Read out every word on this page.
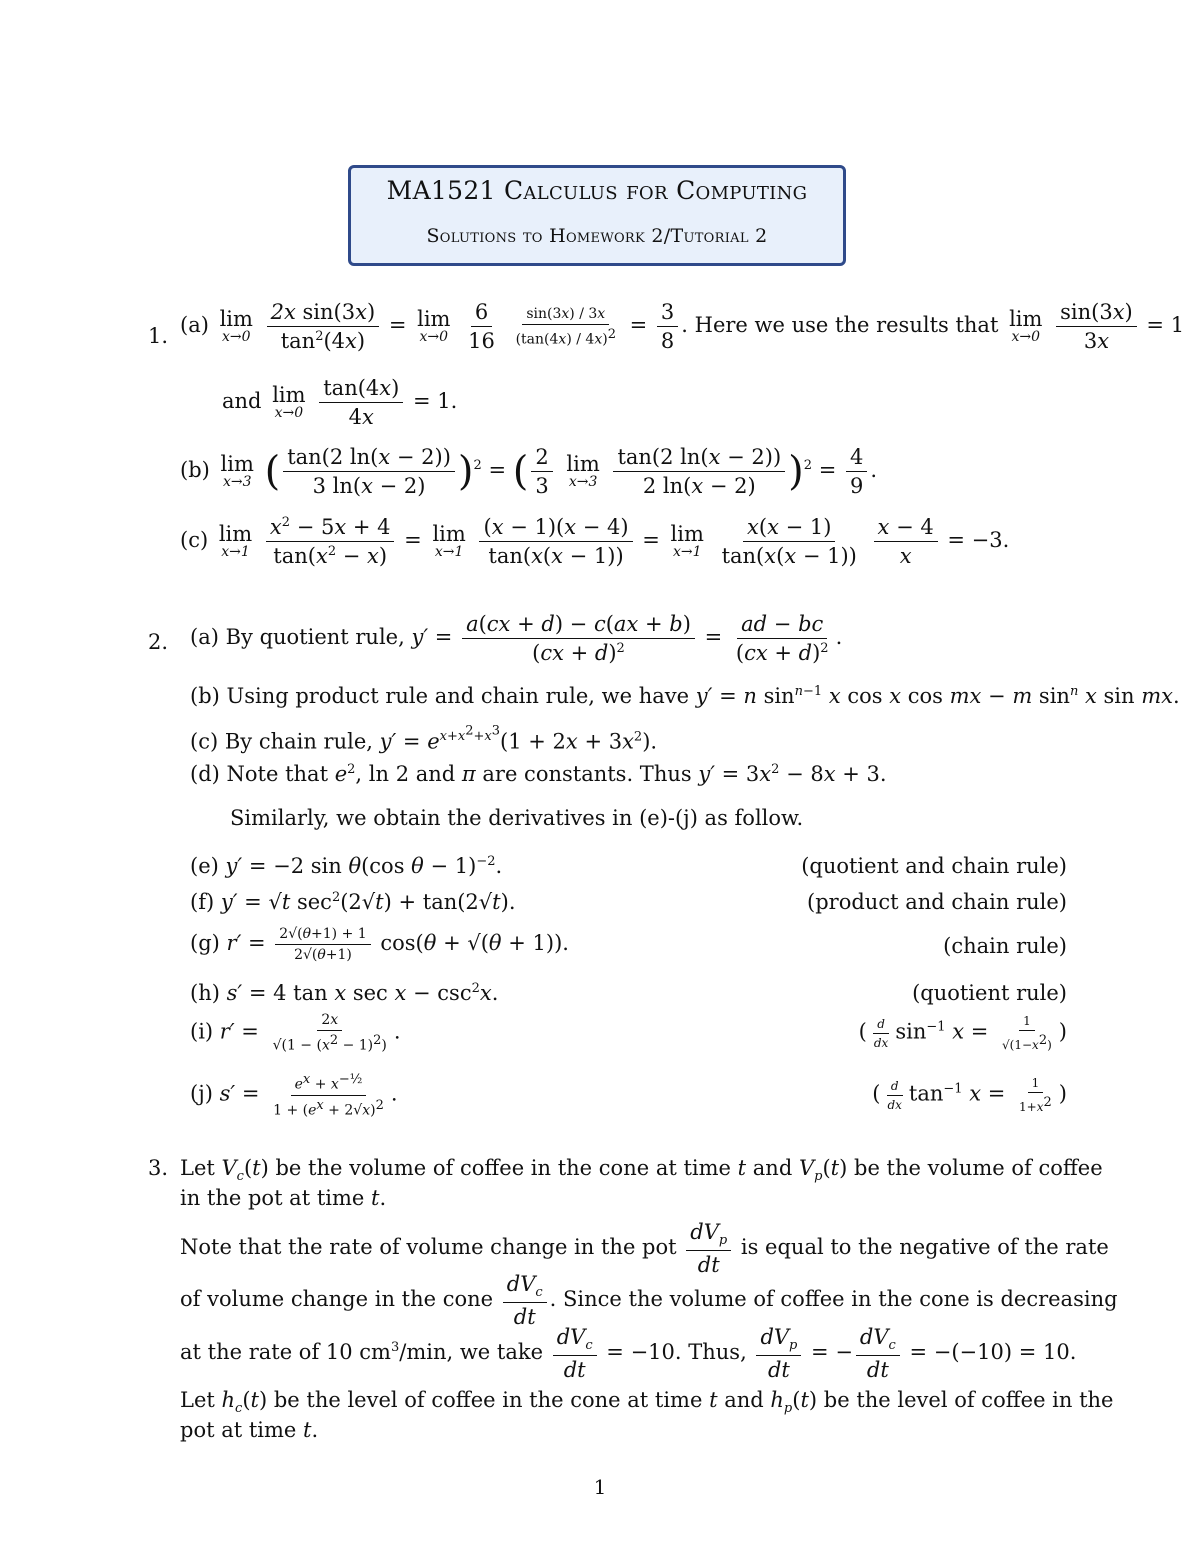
MA1521 Calculus for Computing
Solutions to Homework 2/Tutorial 2
1. (a) lim
x→0
$\frac{\text{2x sin(3x)}}{\tan^2(4x)} = \lim$
x→0
$\frac{6}{16}$
$\frac{\sin(3x) / 3x}{(\tan(4x) / 4x)^2} = \frac{3}{8}$ . Here we use the results that lim
x→0
$\frac{\sin(3x)}{3x} = 1$
and lim
x→0
$\frac{\tan(4x)}{4x} = 1$.
(b) lim
x→3 ( $\frac{\tan(2 \ln(x - 2))}{3 \ln(x - 2)} )^2$ = ( $\frac{2}{3}$
lim
x→3
$\frac{\tan(2 \ln(x - 2))}{2 \ln(x - 2)} )^2 = \frac{4}{9}$ .
(c) lim
x→1
$\frac{x^2 - 5x + 4}{\tan(x^2 - x)} = \lim$
x→1
$\frac{(x - 1)(x - 4)}{\tan(x(x - 1))} = \lim$
x→1
$\frac{x(x - 1)}{\tan(x(x - 1))}$
$\frac{x - 4}{x} = -3$.
2. (a) By quotient rule, $y' = \frac{a(cx + d) - c(ax + b)}{(cx + d)^2} = \frac{ad - bc}{(cx + d)^2}$ .
(b) Using product rule and chain rule, we have y′ = n $\sin^{n-1} x$ cos x cos mx − m $\sin^n x$ sin mx.
(c) By chain rule, $y' = e^{x+x^2+x^3}(1 + 2x + 3x^2)$.
(d) Note that $e^2$, ln 2 and π are constants. Thus $y' = 3x^2 - 8x + 3$.
Similarly, we obtain the derivatives in (e)-(j) as follow.
(e) y′ = −2 sin θ(cos θ − 1)$^{-2}$.	(quotient and chain rule)
(f) y′ = √t $\sec^2(2√t) + \tan(2√t)$.	(product and chain rule)
(g) $r' = \frac{2√(\theta+1) + 1}{2√(\theta+1)} \cos(\theta + √(\theta + 1))$.	(chain rule)
(h) s′ = 4 tan x $\sec x - \csc^2x$.	(quotient rule)
(i) $r' = \frac{2x}{√(1 - (x^2 - 1)^2)}$ .	( $\frac{d}{dx} \sin^{-1} x = \frac{1}{√(1-x^2)}$ )
(j) $s' = \frac{e^x + x^{-\frac{1}{2}}}{1 + (e^x + 2√x)^2}$ .	( $\frac{d}{dx} \tan^{-1} x = \frac{1}{1+x^2}$ )
3. Let $V_c(t)$ be the volume of coffee in the cone at time t and $V_p(t)$ be the volume of coffee
in the pot at time t.
Note that the rate of volume change in the pot $\frac{dV_p}{dt}$ is equal to the negative of the rate
of volume change in the cone $\frac{dV_c}{dt}$ . Since the volume of coffee in the cone is decreasing
at the rate of 10 $cm^3/\min$, we take $\frac{dV_c}{dt} = -10$. Thus, $\frac{dV_p}{dt}$ = − $\frac{dV_c}{dt} = -(-10) = 10$.
Let $h_c(t)$ be the level of coffee in the cone at time t and $h_p(t)$ be the level of coffee in the
pot at time t.
1
